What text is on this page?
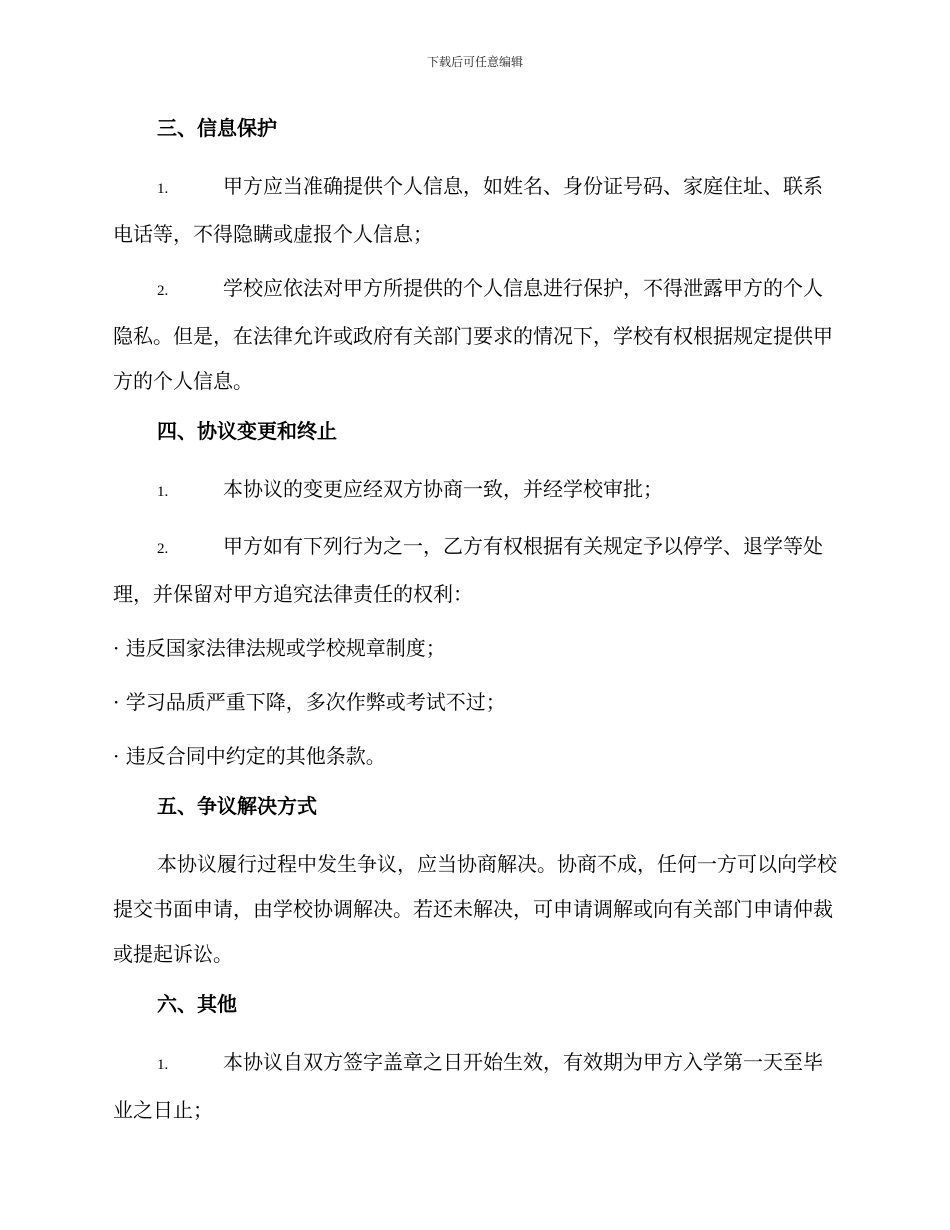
下载后可任意编辑
三、信息保护

1.	甲方应当准确提供个人信息，如姓名、身份证号码、家庭住址、联系电话等，不得隐瞒或虚报个人信息；

2.	学校应依法对甲方所提供的个人信息进行保护，不得泄露甲方的个人隐私。但是，在法律允许或政府有关部门要求的情况下，学校有权根据规定提供甲方的个人信息。

四、协议变更和终止

1.	本协议的变更应经双方协商一致，并经学校审批；

2.	甲方如有下列行为之一，乙方有权根据有关规定予以停学、退学等处理，并保留对甲方追究法律责任的权利：

· 违反国家法律法规或学校规章制度；

· 学习品质严重下降，多次作弊或考试不过；

· 违反合同中约定的其他条款。

五、争议解决方式

本协议履行过程中发生争议，应当协商解决。协商不成，任何一方可以向学校提交书面申请，由学校协调解决。若还未解决，可申请调解或向有关部门申请仲裁或提起诉讼。

六、其他

1.	本协议自双方签字盖章之日开始生效，有效期为甲方入学第一天至毕业之日止；
